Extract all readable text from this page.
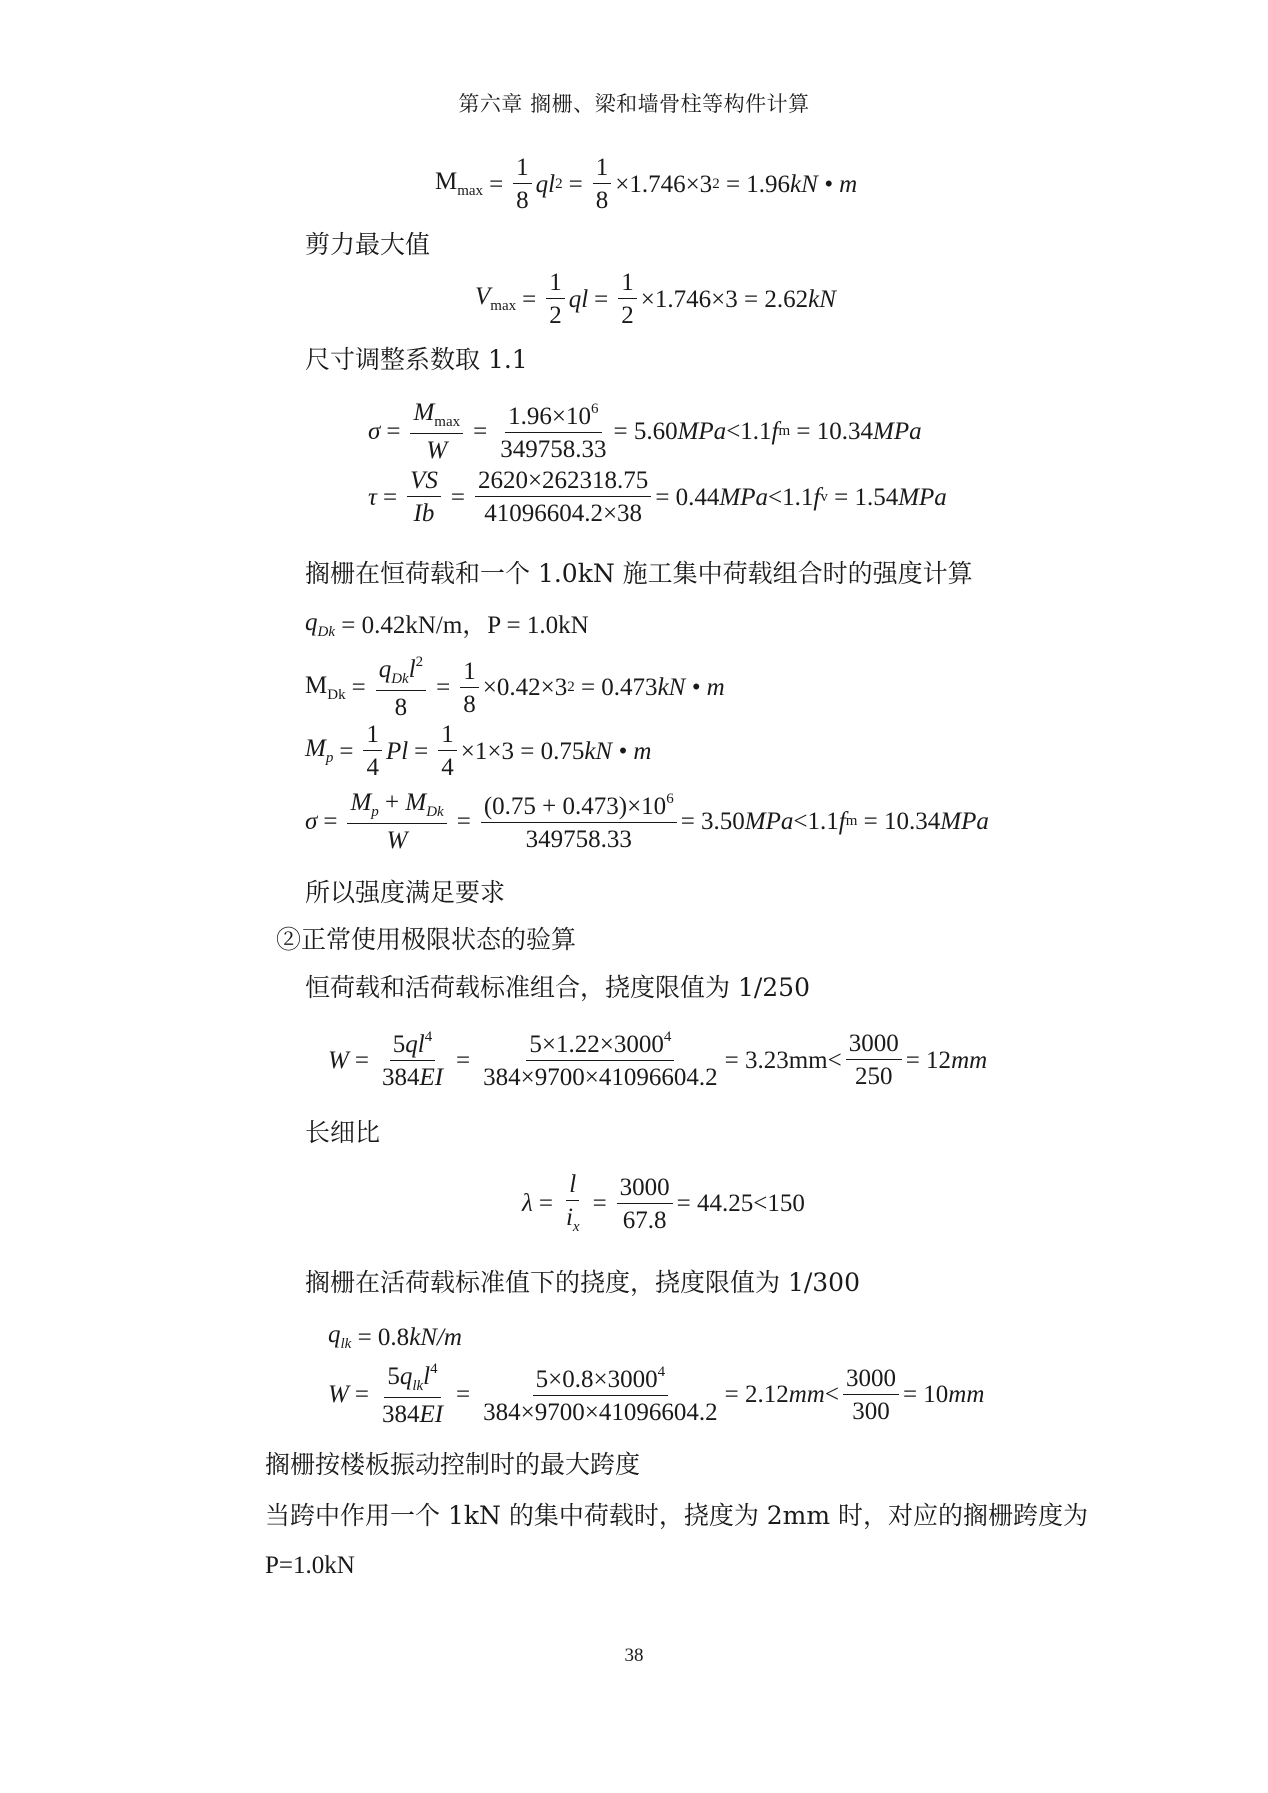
第六章 搁栅、梁和墙骨柱等构件计算
$M_{max} = \frac{1}{8}$ ql $2 = \frac{1}{8} \times 1.746\times 3$ 2
= 1.96 kN • m
剪力最大值
$V_{max} = \frac{1}{2}$ ql = $\frac{1}{2} \times 1.746\times 3$
= 2.62 kN
尺寸调整系数取 1.1
$\sigma = \frac{M_{max}}{W} = \frac{1.96\times 10^6}{349758.33} = 5.60$ MPa <1.1 f m
= 10.34 MPa
$\tau = \frac{VS}{Ib} = \frac{2620\times 262318.75}{41096604.2\times 38} = 0.44$ MPa <1.1 f v
= 1.54 MPa
搁栅在恒荷载和一个 1.0kN 施工集中荷载组合时的强度计算
$q_{Dk}$
= 0.42kN/m，P = 1.0kN
$M_{Dk} = \frac{q_{Dk}l^2}{8} = \frac{1}{8} \times 0.42\times 3$ 2
= 0.473 kN • m
$M_p = \frac{1}{4}$ $Pl = \frac{1}{4} \times 1\times 3$
= 0.75 kN • m
$\sigma = \frac{M_p + M_{Dk}}{W} = \frac{(0.75 + 0.473)\times 10^6}{349758.33} = 3.50$ MPa <1.1 f m
= 10.34 MPa
所以强度满足要求
②正常使用极限状态的验算
恒荷载和活荷载标准组合，挠度限值为 1/250
$W = \frac{5ql^4}{384EI} = \frac{5\times 1.22\times 3000^4}{384\times 9700\times 41096604.2} = 3.23mm< \frac{3000}{250} = 12$ mm
长细比
$\lambda = \frac{l}{i_x} = \frac{3000}{67.8} = 44.25<150$
搁栅在活荷载标准值下的挠度，挠度限值为 1/300
$q_{lk}$
= 0.8 kN/m
$W = \frac{5q_{lk}l^4}{384EI} = \frac{5\times 0.8\times 3000^4}{384\times 9700\times 41096604.2} = 2.12$ mm < $\frac{3000}{300} = 10$ mm
搁栅按楼板振动控制时的最大跨度
当跨中作用一个 1kN 的集中荷载时，挠度为 2mm 时，对应的搁栅跨度为
P=1.0kN
38
